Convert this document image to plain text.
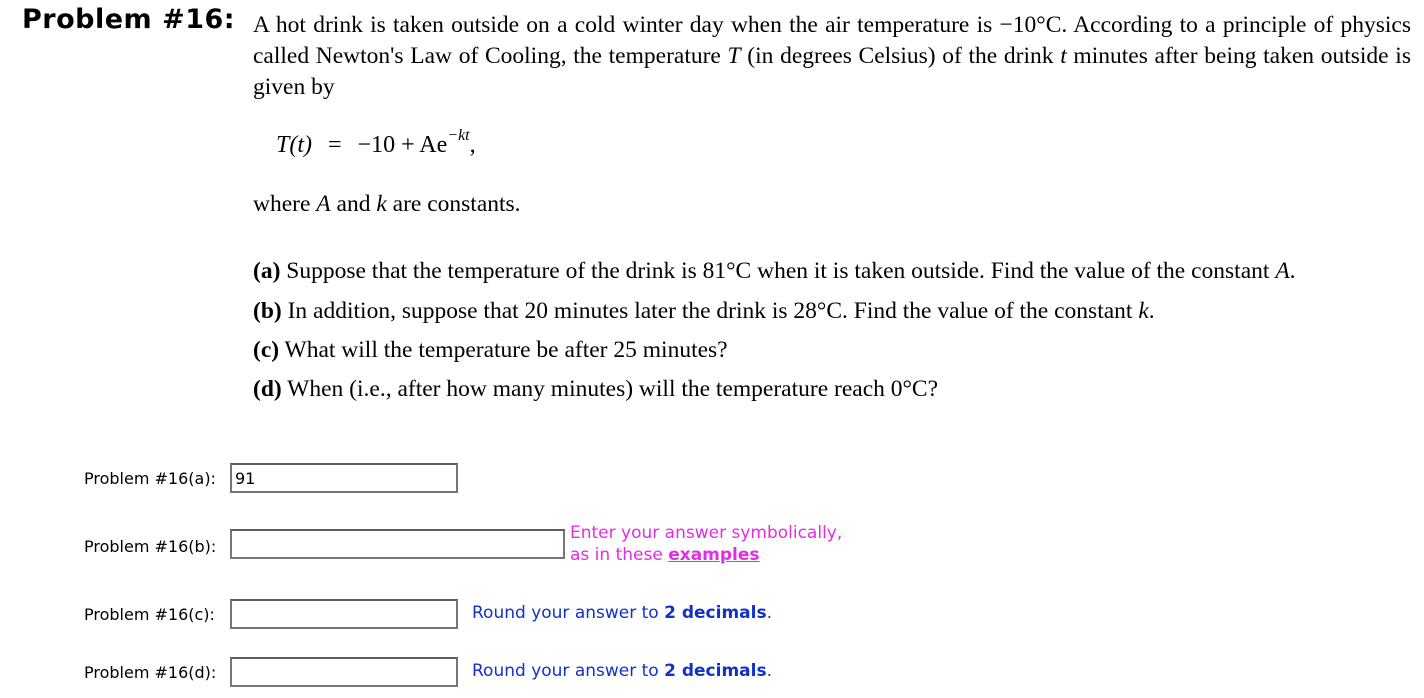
Problem #16: A hot drink is taken outside on a cold winter day when the air temperature is −10°C. According to a principle of physics called Newton's Law of Cooling, the temperature T (in degrees Celsius) of the drink t minutes after being taken outside is given by
$T(t) = -10 + Ae^{-kt}$,
where A and k are constants.
(a) Suppose that the temperature of the drink is 81°C when it is taken outside. Find the value of the constant A.
(b) In addition, suppose that 20 minutes later the drink is 28°C. Find the value of the constant k.
(c) What will the temperature be after 25 minutes?
(d) When (i.e., after how many minutes) will the temperature reach 0°C?
Problem #16(a):
91
Problem #16(b):
Enter your answer symbolically,
as in these examples
Problem #16(c):	Round your answer to 2 decimals.
Problem #16(d):	Round your answer to 2 decimals.
